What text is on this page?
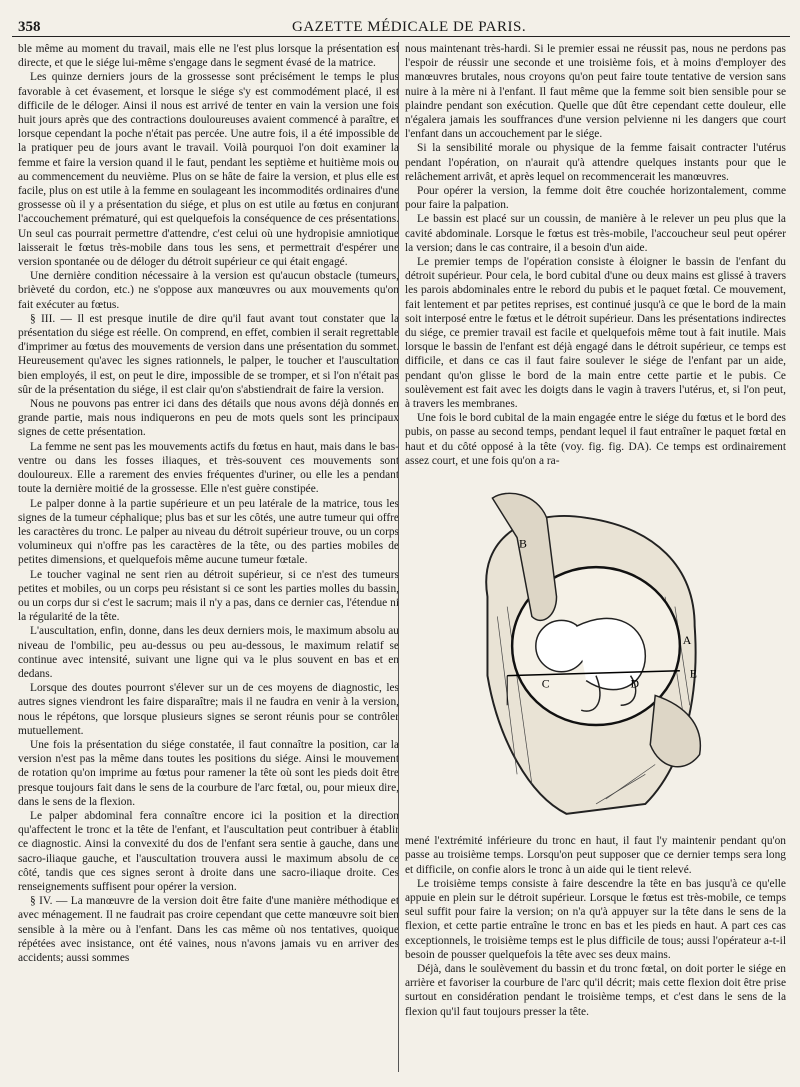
358	GAZETTE MÉDICALE DE PARIS.

ble même au moment du travail, mais elle ne l'est plus lorsque la présentation est directe, et que le siége lui-même s'engage dans le segment évasé de la matrice.

Les quinze derniers jours de la grossesse sont précisément le temps le plus favorable à cet évasement, et lorsque le siége s'y est commodément placé, il est difficile de le déloger. Ainsi il nous est arrivé de tenter en vain la version une fois huit jours après que des contractions douloureuses avaient commencé à paraître, et lorsque cependant la poche n'était pas percée. Une autre fois, il a été impossible de la pratiquer peu de jours avant le travail. Voilà pourquoi l'on doit examiner la femme et faire la version quand il le faut, pendant les septième et huitième mois ou au commencement du neuvième. Plus on se hâte de faire la version, et plus elle est facile, plus on est utile à la femme en soulageant les incommodités ordinaires d'une grossesse où il y a présentation du siége, et plus on est utile au fœtus en conjurant l'accouchement prématuré, qui est quelquefois la conséquence de ces présentations. Un seul cas pourrait permettre d'attendre, c'est celui où une hydropisie amniotique laisserait le fœtus très-mobile dans tous les sens, et permettrait d'espérer une version spontanée ou de déloger du détroit supérieur ce qui était engagé.

Une dernière condition nécessaire à la version est qu'aucun obstacle (tumeurs, brièveté du cordon, etc.) ne s'oppose aux manœuvres ou aux mouvements qu'on fait exécuter au fœtus.

§ III. — Il est presque inutile de dire qu'il faut avant tout constater que la présentation du siége est réelle. On comprend, en effet, combien il serait regrettable d'imprimer au fœtus des mouvements de version dans une présentation du sommet. Heureusement qu'avec les signes rationnels, le palper, le toucher et l'auscultation bien employés, il est, on peut le dire, impossible de se tromper, et si l'on n'était pas sûr de la présentation du siége, il est clair qu'on s'abstiendrait de faire la version.

Nous ne pouvons pas entrer ici dans des détails que nous avons déjà donnés en grande partie, mais nous indiquerons en peu de mots quels sont les principaux signes de cette présentation.

La femme ne sent pas les mouvements actifs du fœtus en haut, mais dans le bas-ventre ou dans les fosses iliaques, et très-souvent ces mouvements sont douloureux. Elle a rarement des envies fréquentes d'uriner, ou elle les a pendant toute la dernière moitié de la grossesse. Elle n'est guère constipée.

Le palper donne à la partie supérieure et un peu latérale de la matrice, tous les signes de la tumeur céphalique; plus bas et sur les côtés, une autre tumeur qui offre les caractères du tronc. Le palper au niveau du détroit supérieur trouve, ou un corps volumineux qui n'offre pas les caractères de la tête, ou des parties mobiles de petites dimensions, et quelquefois même aucune tumeur fœtale.

Le toucher vaginal ne sent rien au détroit supérieur, si ce n'est des tumeurs petites et mobiles, ou un corps peu résistant si ce sont les parties molles du bassin, ou un corps dur si c'est le sacrum; mais il n'y a pas, dans ce dernier cas, l'étendue ni la régularité de la tête.

L'auscultation, enfin, donne, dans les deux derniers mois, le maximum absolu au niveau de l'ombilic, peu au-dessus ou peu au-dessous, le maximum relatif se continue avec intensité, suivant une ligne qui va le plus souvent en bas et en dedans.

Lorsque des doutes pourront s'élever sur un de ces moyens de diagnostic, les autres signes viendront les faire disparaître; mais il ne faudra en venir à la version, nous le répétons, que lorsque plusieurs signes se seront réunis pour se contrôler mutuellement.

Une fois la présentation du siége constatée, il faut connaître la position, car la version n'est pas la même dans toutes les positions du siége. Ainsi le mouvement de rotation qu'on imprime au fœtus pour ramener la tête où sont les pieds doit être presque toujours fait dans le sens de la courbure de l'arc fœtal, ou, pour mieux dire, dans le sens de la flexion.

Le palper abdominal fera connaître encore ici la position et la direction qu'affectent le tronc et la tête de l'enfant, et l'auscultation peut contribuer à établir ce diagnostic. Ainsi la convexité du dos de l'enfant sera sentie à gauche, dans une sacro-iliaque gauche, et l'auscultation trouvera aussi le maximum absolu de ce côté, tandis que ces signes seront à droite dans une sacro-iliaque droite. Ces renseignements suffisent pour opérer la version.

§ IV. — La manœuvre de la version doit être faite d'une manière méthodique et avec ménagement. Il ne faudrait pas croire cependant que cette manœuvre soit bien sensible à la mère ou à l'enfant. Dans les cas même où nos tentatives, quoique répétées avec insistance, ont été vaines, nous n'avons jamais vu en arriver des accidents; aussi sommes

nous maintenant très-hardi. Si le premier essai ne réussit pas, nous ne perdons pas l'espoir de réussir une seconde et une troisième fois, et à moins d'employer des manœuvres brutales, nous croyons qu'on peut faire toute tentative de version sans nuire à la mère ni à l'enfant. Il faut même que la femme soit bien sensible pour se plaindre pendant son exécution. Quelle que dût être cependant cette douleur, elle n'égalera jamais les souffrances d'une version pelvienne ni les dangers que court l'enfant dans un accouchement par le siége.

Si la sensibilité morale ou physique de la femme faisait contracter l'utérus pendant l'opération, on n'aurait qu'à attendre quelques instants pour que le relâchement arrivât, et après lequel on recommencerait les manœuvres.

Pour opérer la version, la femme doit être couchée horizontalement, comme pour faire la palpation.

Le bassin est placé sur un coussin, de manière à le relever un peu plus que la cavité abdominale. Lorsque le fœtus est très-mobile, l'accoucheur seul peut opérer la version; dans le cas contraire, il a besoin d'un aide.

Le premier temps de l'opération consiste à éloigner le bassin de l'enfant du détroit supérieur. Pour cela, le bord cubital d'une ou deux mains est glissé à travers les parois abdominales entre le rebord du pubis et le paquet fœtal. Ce mouvement, fait lentement et par petites reprises, est continué jusqu'à ce que le bord de la main soit interposé entre le fœtus et le détroit supérieur. Dans les présentations indirectes du siége, ce premier travail est facile et quelquefois même tout à fait inutile. Mais lorsque le bassin de l'enfant est déjà engagé dans le détroit supérieur, ce temps est difficile, et dans ce cas il faut faire soulever le siége de l'enfant par un aide, pendant qu'on glisse le bord de la main entre cette partie et le pubis. Ce soulèvement est fait avec les doigts dans le vagin à travers l'utérus, et, si l'on peut, à travers les membranes.

Une fois le bord cubital de la main engagée entre le siége du fœtus et le bord des pubis, on passe au second temps, pendant lequel il faut entraîner le paquet fœtal en haut et du côté opposé à la tête (voy. fig. fig. DA). Ce temps est ordinairement assez court, et une fois qu'on a ra-

B
A
C	D
E

mené l'extrémité inférieure du tronc en haut, il faut l'y maintenir pendant qu'on passe au troisième temps. Lorsqu'on peut supposer que ce dernier temps sera long et difficile, on confie alors le tronc à un aide qui le tient relevé.

Le troisième temps consiste à faire descendre la tête en bas jusqu'à ce qu'elle appuie en plein sur le détroit supérieur. Lorsque le fœtus est très-mobile, ce temps seul suffit pour faire la version; on n'a qu'à appuyer sur la tête dans le sens de la flexion, et cette partie entraîne le tronc en bas et les pieds en haut. A part ces cas exceptionnels, le troisième temps est le plus difficile de tous; aussi l'opérateur a-t-il besoin de pousser quelquefois la tête avec ses deux mains.

Déjà, dans le soulèvement du bassin et du tronc fœtal, on doit porter le siége en arrière et favoriser la courbure de l'arc qu'il décrit; mais cette flexion doit être prise surtout en considération pendant le troisième temps, et c'est dans le sens de la flexion qu'il faut toujours presser la tête.
